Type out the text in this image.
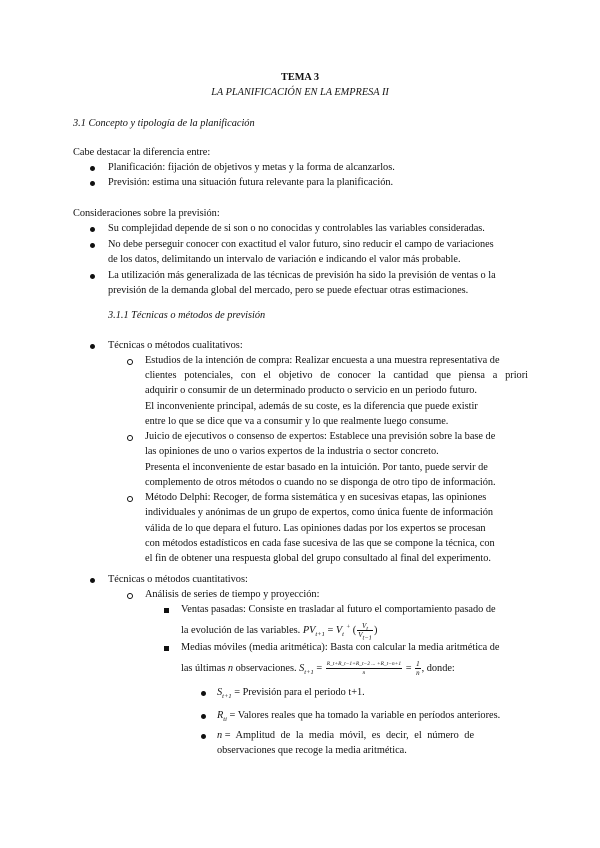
TEMA 3
LA PLANIFICACIÓN EN LA EMPRESA II
3.1 Concepto y tipología de la planificación
Cabe destacar la diferencia entre:
Planificación: fijación de objetivos y metas y la forma de alcanzarlos.
Previsión: estima una situación futura relevante para la planificación.
Consideraciones sobre la previsión:
Su complejidad depende de si son o no conocidas y controlables las variables consideradas.
No debe perseguir conocer con exactitud el valor futuro, sino reducir el campo de variaciones
de los datos, delimitando un intervalo de variación e indicando el valor más probable.
La utilización más generalizada de las técnicas de previsión ha sido la previsión de ventas o la
previsión de la demanda global del mercado, pero se puede efectuar otras estimaciones.
3.1.1 Técnicas o métodos de previsión
Técnicas o métodos cualitativos:
Estudios de la intención de compra: Realizar encuesta a una muestra representativa de
clientes potenciales, con el objetivo de conocer la cantidad que piensa a priori
adquirir o consumir de un determinado producto o servicio en un periodo futuro.
El inconveniente principal, además de su coste, es la diferencia que puede existir
entre lo que se dice que va a consumir y lo que realmente luego consume.
Juicio de ejecutivos o consenso de expertos: Establece una previsión sobre la base de
las opiniones de uno o varios expertos de la industria o sector concreto.
Presenta el inconveniente de estar basado en la intuición. Por tanto, puede servir de
complemento de otros métodos o cuando no se disponga de otro tipo de información.
Método Delphi: Recoger, de forma sistemática y en sucesivas etapas, las opiniones
individuales y anónimas de un grupo de expertos, como única fuente de información
válida de lo que depara el futuro. Las opiniones dadas por los expertos se procesan
con métodos estadísticos en cada fase sucesiva de las que se compone la técnica, con
el fin de obtener una respuesta global del grupo consultado al final del experimento.
Técnicas o métodos cuantitativos:
Análisis de series de tiempo y proyección:
Ventas pasadas: Consiste en trasladar al futuro el comportamiento pasado de
la evolución de las variables. $PV_{t+1} = V_t$ + ( $\frac{V_t}{V_{t-1}}$ )
Medias móviles (media aritmética): Basta con calcular la media aritmética de
las últimas n observaciones. $S_{t+1} = \frac{R\_t+R\_t-1+R\_t-2 ... +R\_t-n+1}{n} = \frac{1}{n}$ , donde:
$S_{t+1}$ = Previsión para el periodo t+1.
$R_{ti}$ = Valores reales que ha tomado la variable en períodos anteriores.
n = Amplitud de la media móvil, es decir, el número de
observaciones que recoge la media aritmética.
